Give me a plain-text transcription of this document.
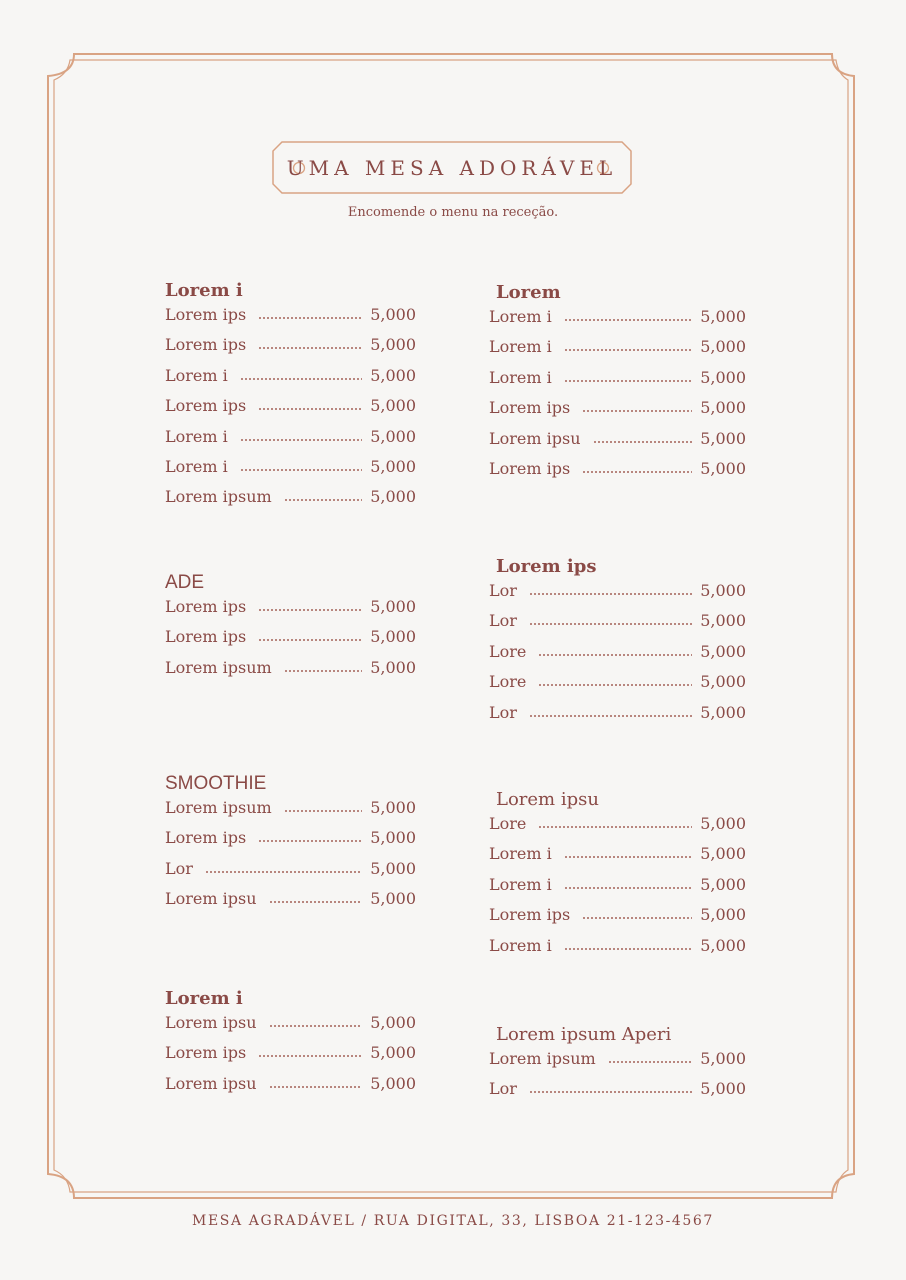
UMA MESA ADORÁVEL
Encomende o menu na receção.
Lorem i
Lorem ips	5,000
Lorem ips	5,000
Lorem i	5,000
Lorem ips	5,000
Lorem i	5,000
Lorem i	5,000
Lorem ipsum	5,000
ADE
Lorem ips	5,000
Lorem ips	5,000
Lorem ipsum	5,000
SMOOTHIE
Lorem ipsum	5,000
Lorem ips	5,000
Lor	5,000
Lorem ipsu	5,000
Lorem i
Lorem ipsu	5,000
Lorem ips	5,000
Lorem ipsu	5,000
Lorem
Lorem i	5,000
Lorem i	5,000
Lorem i	5,000
Lorem ips	5,000
Lorem ipsu	5,000
Lorem ips	5,000
Lorem ips
Lor	5,000
Lor	5,000
Lore	5,000
Lore	5,000
Lor	5,000
Lorem ipsu
Lore	5,000
Lorem i	5,000
Lorem i	5,000
Lorem ips	5,000
Lorem i	5,000
Lorem ipsum Aperi
Lorem ipsum	5,000
Lor	5,000
MESA AGRADÁVEL / RUA DIGITAL, 33, LISBOA 21-123-4567
